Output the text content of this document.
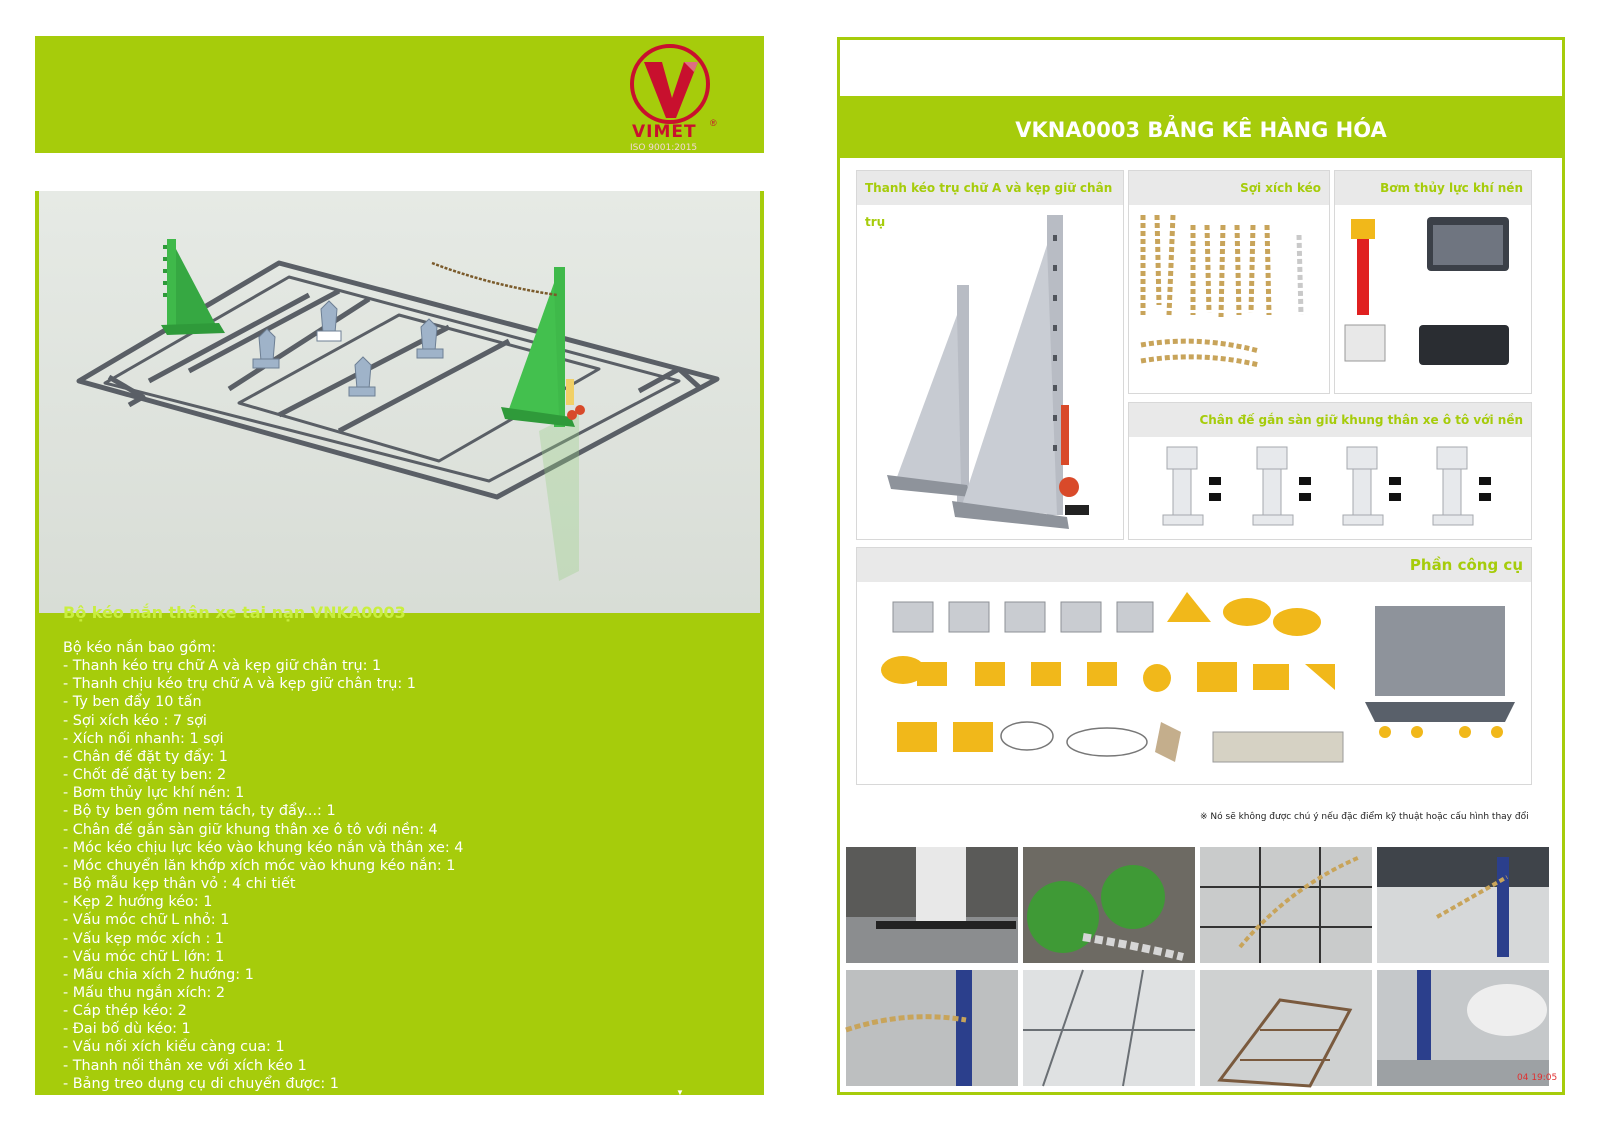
VIMET ®
ISO 9001:2015
Bộ kéo nắn thân xe tai nạn VNKA0003
Bộ kéo nắn bao gồm:
- Thanh kéo trụ chữ A và kẹp giữ chân trụ: 1
- Thanh chịu kéo trụ chữ A và kẹp giữ chân trụ: 1
- Ty ben đẩy 10 tấn
- Sợi xích kéo : 7 sợi
- Xích nối nhanh: 1 sợi
- Chân đế đặt ty đẩy: 1
- Chốt đế đặt ty ben: 2
- Bơm thủy lực khí nén: 1
- Bộ ty ben gồm nem tách, ty đẩy...: 1
- Chân đế gắn sàn giữ khung thân xe ô tô với nền: 4
- Móc kéo chịu lực kéo vào khung kéo nắn và thân xe: 4
- Móc chuyển lăn khớp xích móc vào khung kéo nắn: 1
- Bộ mẫu kẹp thân vỏ : 4 chi tiết
- Kẹp 2 hướng kéo: 1
- Vấu móc chữ L nhỏ: 1
- Vấu kẹp móc xích : 1
- Vấu móc chữ L lớn: 1
- Mấu chia xích 2 hướng: 1
- Mấu thu ngắn xích: 2
- Cáp thép kéo: 2
- Đai bố dù kéo: 1
- Vấu nối xích kiểu càng cua: 1
- Thanh nối thân xe với xích kéo 1
- Bảng treo dụng cụ di chuyển được: 1
▼
VKNA0003 BẢNG KÊ HÀNG HÓA
Thanh kéo trụ chữ A và kẹp giữ chân trụ
Sợi xích kéo	Bơm thủy lực khí nén
Chân đế gắn sàn giữ khung thân xe ô tô với nền
Phần công cụ
※ Nó sẽ không được chú ý nếu đặc điểm kỹ thuật hoặc cấu hình thay đổi
04 19:05
